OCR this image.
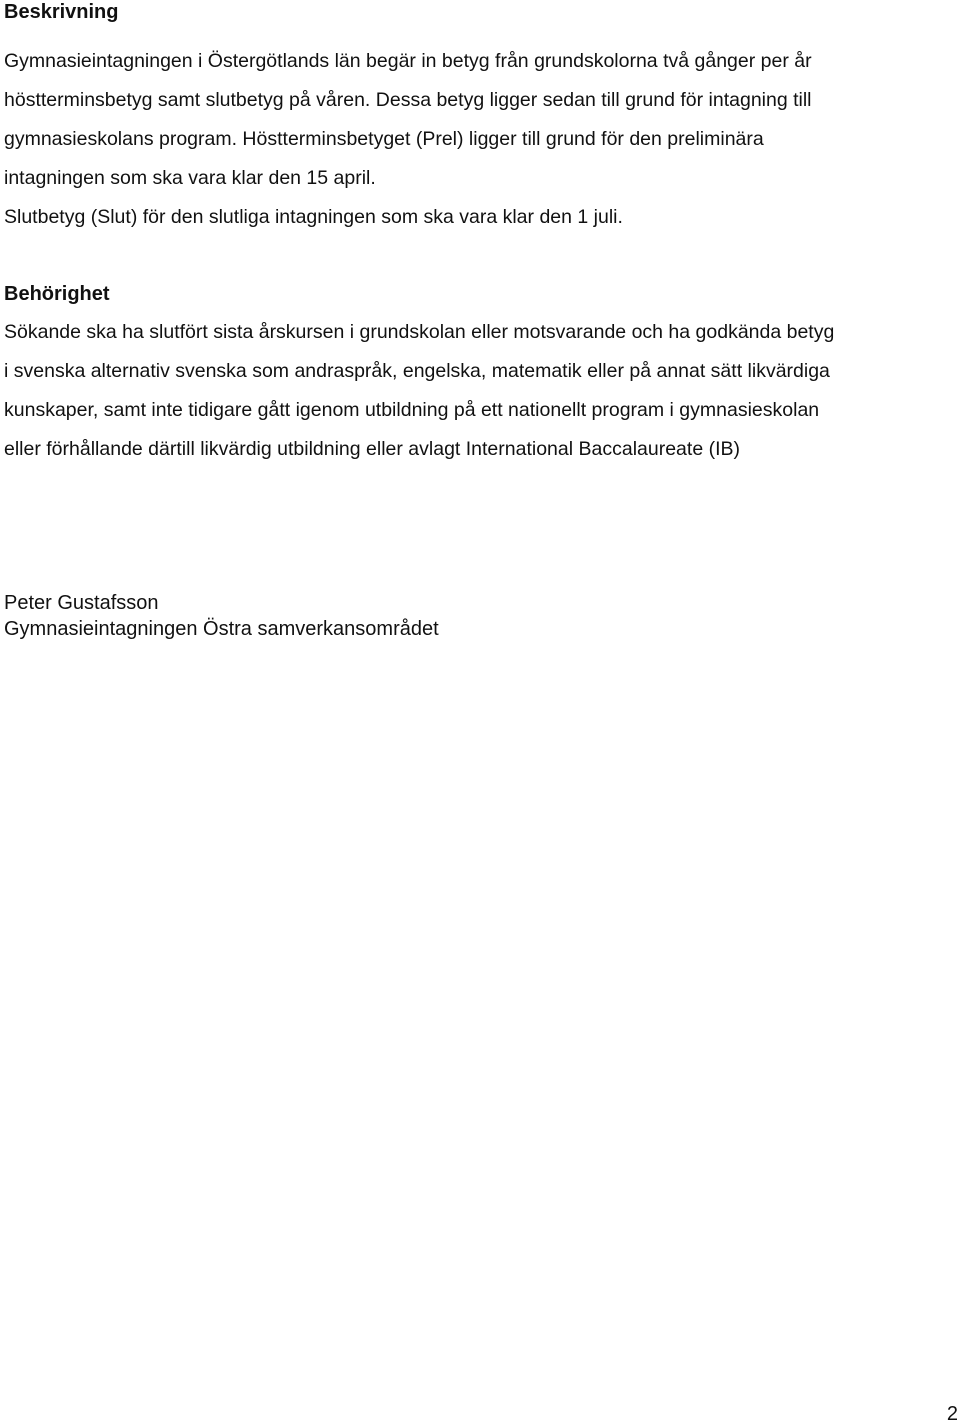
Beskrivning
Gymnasieintagningen i Östergötlands län begär in betyg från grundskolorna två gånger per år
höstterminsbetyg samt slutbetyg på våren. Dessa betyg ligger sedan till grund för intagning till
gymnasieskolans program. Höstterminsbetyget (Prel) ligger till grund för den preliminära
intagningen som ska vara klar den 15 april.
Slutbetyg (Slut) för den slutliga intagningen som ska vara klar den 1 juli.
Behörighet
Sökande ska ha slutfört sista årskursen i grundskolan eller motsvarande och ha godkända betyg
i svenska alternativ svenska som andraspråk, engelska, matematik eller på annat sätt likvärdiga
kunskaper, samt inte tidigare gått igenom utbildning på ett nationellt program i gymnasieskolan
eller förhållande därtill likvärdig utbildning eller avlagt International Baccalaureate (IB)
Peter Gustafsson
Gymnasieintagningen Östra samverkansområdet
2
